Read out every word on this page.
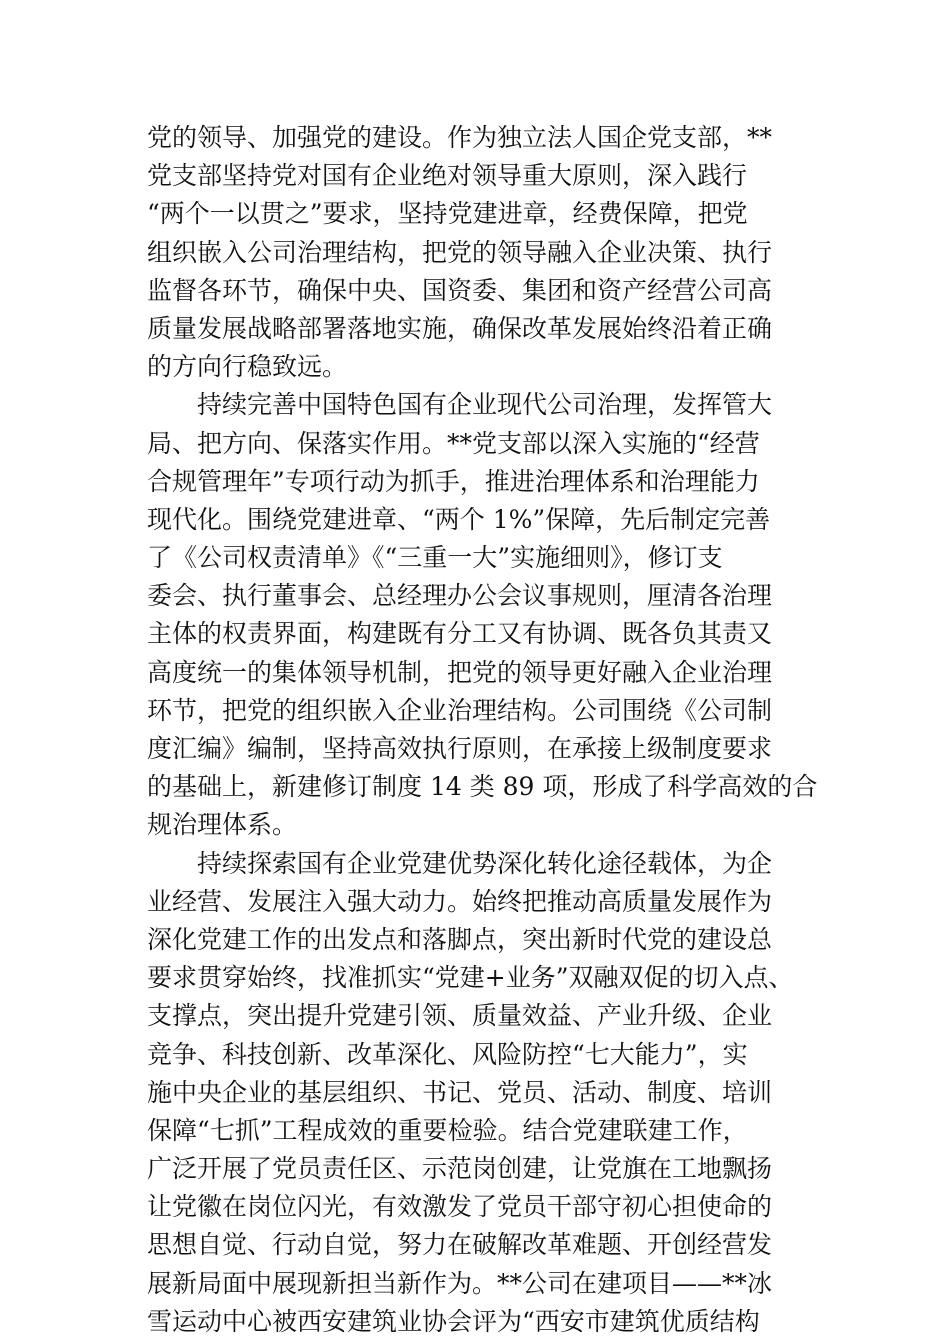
党的领导、加强党的建设。作为独立法人国企党支部，**
党支部坚持党对国有企业绝对领导重大原则，深入践行
“两个一以贯之”要求，坚持党建进章，经费保障，把党
组织嵌入公司治理结构，把党的领导融入企业决策、执行
监督各环节，确保中央、国资委、集团和资产经营公司高
质量发展战略部署落地实施，确保改革发展始终沿着正确
的方向行稳致远。
持续完善中国特色国有企业现代公司治理，发挥管大
局、把方向、保落实作用。**党支部以深入实施的“经营
合规管理年”专项行动为抓手，推进治理体系和治理能力
现代化。围绕党建进章、“两个 1%”保障，先后制定完善
了《公司权责清单》《“三重一大”实施细则》，修订支
委会、执行董事会、总经理办公会议事规则，厘清各治理
主体的权责界面，构建既有分工又有协调、既各负其责又
高度统一的集体领导机制，把党的领导更好融入企业治理
环节，把党的组织嵌入企业治理结构。公司围绕《公司制
度汇编》编制，坚持高效执行原则，在承接上级制度要求
的基础上，新建修订制度 14 类 89 项，形成了科学高效的合
规治理体系。
持续探索国有企业党建优势深化转化途径载体，为企
业经营、发展注入强大动力。始终把推动高质量发展作为
深化党建工作的出发点和落脚点，突出新时代党的建设总
要求贯穿始终，找准抓实“党建+业务”双融双促的切入点、
支撑点，突出提升党建引领、质量效益、产业升级、企业
竞争、科技创新、改革深化、风险防控“七大能力”，实
施中央企业的基层组织、书记、党员、活动、制度、培训
保障“七抓”工程成效的重要检验。结合党建联建工作，
广泛开展了党员责任区、示范岗创建，让党旗在工地飘扬
让党徽在岗位闪光，有效激发了党员干部守初心担使命的
思想自觉、行动自觉，努力在破解改革难题、开创经营发
展新局面中展现新担当新作为。**公司在建项目——**冰
雪运动中心被西安建筑业协会评为“西安市建筑优质结构
